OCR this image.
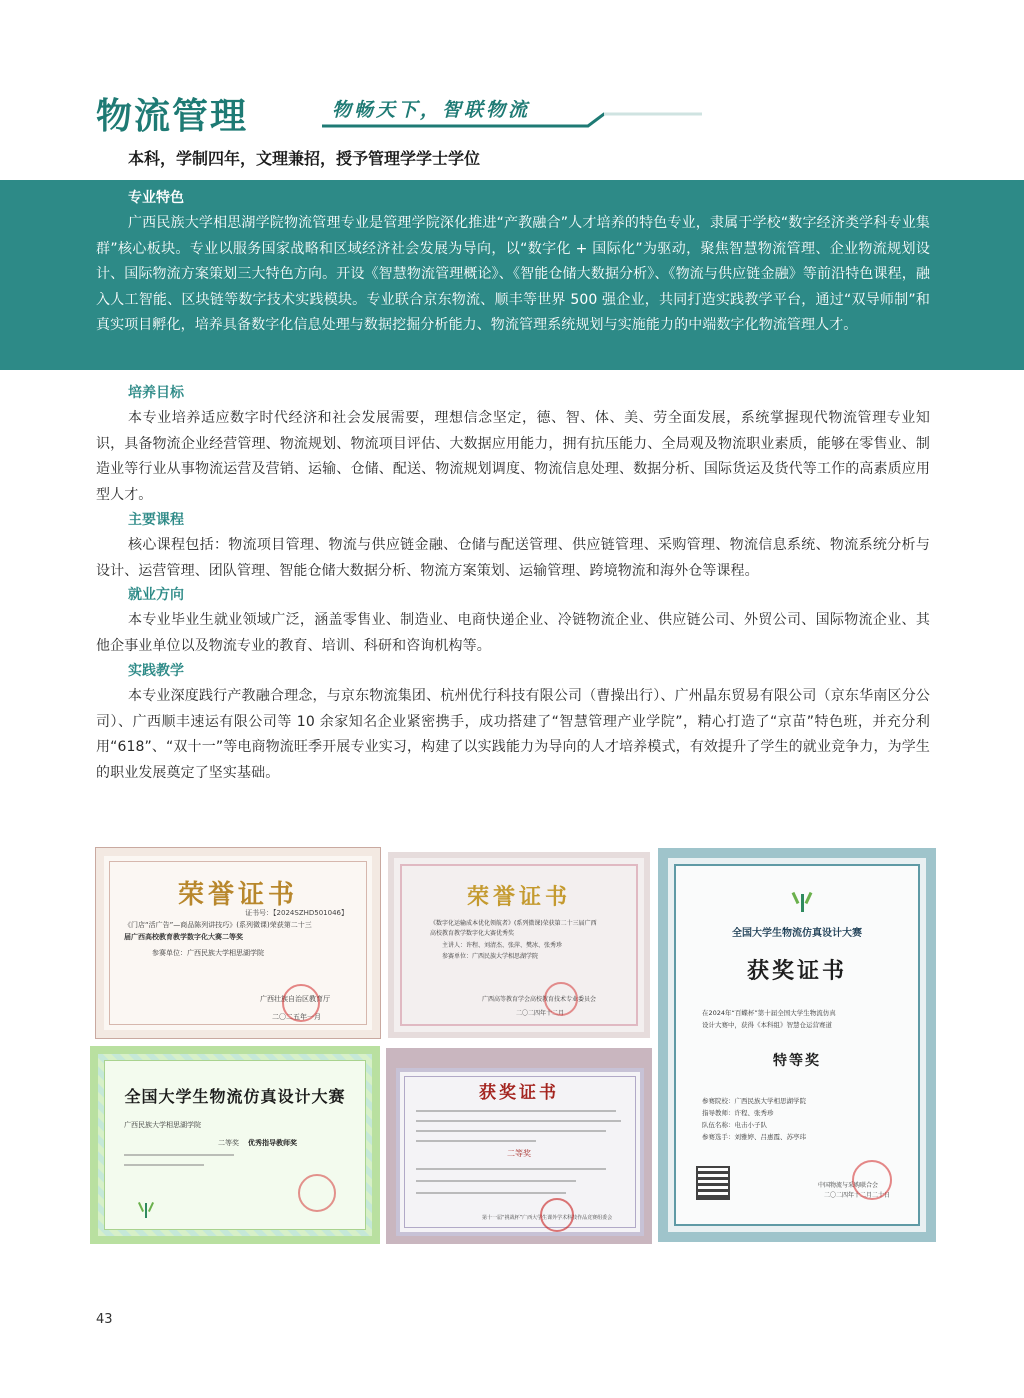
物流管理	物畅天下，智联物流
本科，学制四年，文理兼招，授予管理学学士学位
专业特色

广西民族大学相思湖学院物流管理专业是管理学院深化推进“产教融合”人才培养的特色专业，隶属于学校“数字经济类学科专业集群”核心板块。专业以服务国家战略和区域经济社会发展为导向，以“数字化 + 国际化”为驱动，聚焦智慧物流管理、企业物流规划设计、国际物流方案策划三大特色方向。开设《智慧物流管理概论》、《智能仓储大数据分析》、《物流与供应链金融》等前沿特色课程，融入人工智能、区块链等数字技术实践模块。专业联合京东物流、顺丰等世界 500 强企业，共同打造实践教学平台，通过“双导师制”和真实项目孵化，培养具备数字化信息处理与数据挖掘分析能力、物流管理系统规划与实施能力的中端数字化物流管理人才。

培养目标

本专业培养适应数字时代经济和社会发展需要，理想信念坚定，德、智、体、美、劳全面发展，系统掌握现代物流管理专业知识，具备物流企业经营管理、物流规划、物流项目评估、大数据应用能力，拥有抗压能力、全局观及物流职业素质，能够在零售业、制造业等行业从事物流运营及营销、运输、仓储、配送、物流规划调度、物流信息处理、数据分析、国际货运及货代等工作的高素质应用型人才。

主要课程

核心课程包括：物流项目管理、物流与供应链金融、仓储与配送管理、供应链管理、采购管理、物流信息系统、物流系统分析与设计、运营管理、团队管理、智能仓储大数据分析、物流方案策划、运输管理、跨境物流和海外仓等课程。

就业方向

本专业毕业生就业领域广泛，涵盖零售业、制造业、电商快递企业、冷链物流企业、供应链公司、外贸公司、国际物流企业、其他企事业单位以及物流专业的教育、培训、科研和咨询机构等。

实践教学

本专业深度践行产教融合理念，与京东物流集团、杭州优行科技有限公司（曹操出行）、广州晶东贸易有限公司（京东华南区分公司）、广西顺丰速运有限公司等 10 余家知名企业紧密携手，成功搭建了“智慧管理产业学院”，精心打造了“京苗”特色班，并充分利用“618”、“双十一”等电商物流旺季开展专业实习，构建了以实践能力为导向的人才培养模式，有效提升了学生的就业竞争力，为学生的职业发展奠定了坚实基础。

荣誉证书
证书号：【2024SZHD501046】
《门店“活广告”—商品陈列讲技巧》(系列微课)荣获第二十三
届广西高校教育教学数字化大赛二等奖
参赛单位：广西民族大学相思湖学院
广西壮族自治区教育厅
二〇二五年一月
荣誉证书
《数字化运输成本优化领航者》(系列微课)荣获第二十三届广西
高校教育教学数字化大赛优秀奖
主讲人：许程、刘清杰、张萍、樊冰、张秀珍
参赛单位：广西民族大学相思湖学院
广西高等教育学会高校教育技术专业委员会
二〇二四年十二月
全国大学生物流仿真设计大赛
获奖证书
在2024年“百蝶杯”第十届全国大学生物流仿真
设计大赛中，获得《本科组》智慧仓运营赛道
特等奖
参赛院校：广西民族大学相思湖学院
指导教师：许程、张秀珍
队伍名称：电击小子队
参赛选手：刘雅婷、吕惠霞、苏亭玮
中国物流与采购联合会
二〇二四年十二月二十日
全国大学生物流仿真设计大赛
广西民族大学相思湖学院
二等奖 优秀指导教师奖
获奖证书
二等奖
第十一届“挑战杯”广西大学生课外学术科技作品竞赛组委会
43
